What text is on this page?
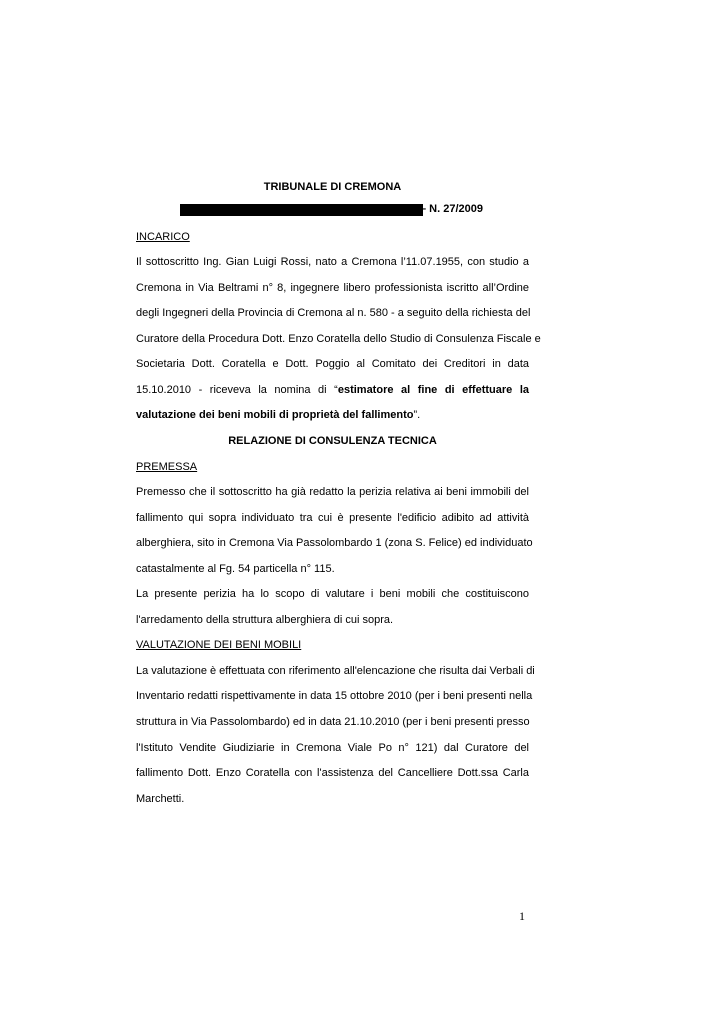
TRIBUNALE DI CREMONA
– N. 27/2009
INCARICO
Il sottoscritto Ing. Gian Luigi Rossi, nato a Cremona l’11.07.1955, con studio a
Cremona in Via Beltrami n° 8, ingegnere libero professionista iscritto all’Ordine
degli Ingegneri della Provincia di Cremona al n. 580 - a seguito della richiesta del
Curatore della Procedura Dott. Enzo Coratella dello Studio di Consulenza Fiscale e
Societaria Dott. Coratella e Dott. Poggio al Comitato dei Creditori in data
15.10.2010 - riceveva la nomina di “estimatore al fine di effettuare la
valutazione dei beni mobili di proprietà del fallimento”.
RELAZIONE DI CONSULENZA TECNICA
PREMESSA
Premesso che il sottoscritto ha già redatto la perizia relativa ai beni immobili del
fallimento qui sopra individuato tra cui è presente l'edificio adibito ad attività
alberghiera, sito in Cremona Via Passolombardo 1 (zona S. Felice) ed individuato
catastalmente al Fg. 54 particella n° 115.
La presente perizia ha lo scopo di valutare i beni mobili che costituiscono
l'arredamento della struttura alberghiera di cui sopra.
VALUTAZIONE DEI BENI MOBILI
La valutazione è effettuata con riferimento all'elencazione che risulta dai Verbali di
Inventario redatti rispettivamente in data 15 ottobre 2010 (per i beni presenti nella
struttura in Via Passolombardo) ed in data 21.10.2010 (per i beni presenti presso
l'Istituto Vendite Giudiziarie in Cremona Viale Po n° 121) dal Curatore del
fallimento Dott. Enzo Coratella con l'assistenza del Cancelliere Dott.ssa Carla
Marchetti.
1
